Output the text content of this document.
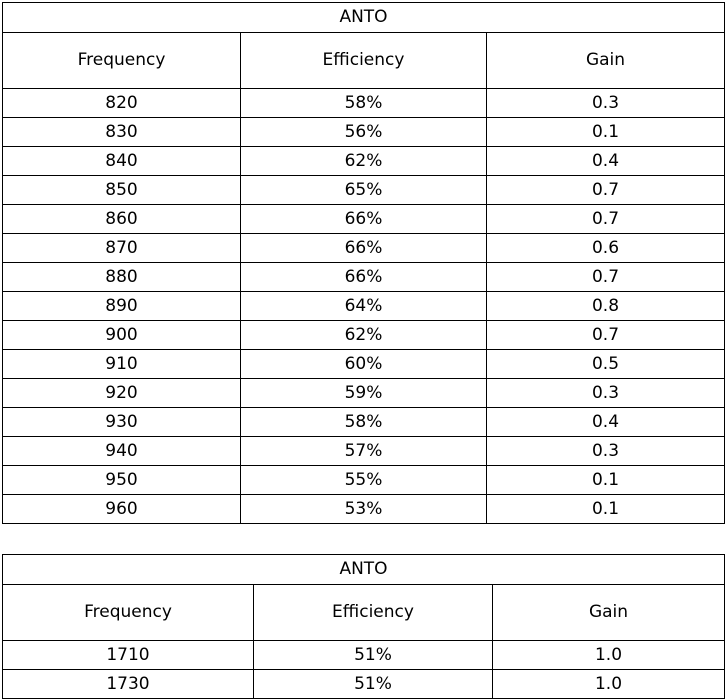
ANTO		
Frequency	Efficiency	Gain
820	58%	0.3
830	56%	0.1
840	62%	0.4
850	65%	0.7
860	66%	0.7
870	66%	0.6
880	66%	0.7
890	64%	0.8
900	62%	0.7
910	60%	0.5
920	59%	0.3
930	58%	0.4
940	57%	0.3
950	55%	0.1
960	53%	0.1
ANTO		
Frequency	Efficiency	Gain
1710	51%	1.0
1730	51%	1.0
